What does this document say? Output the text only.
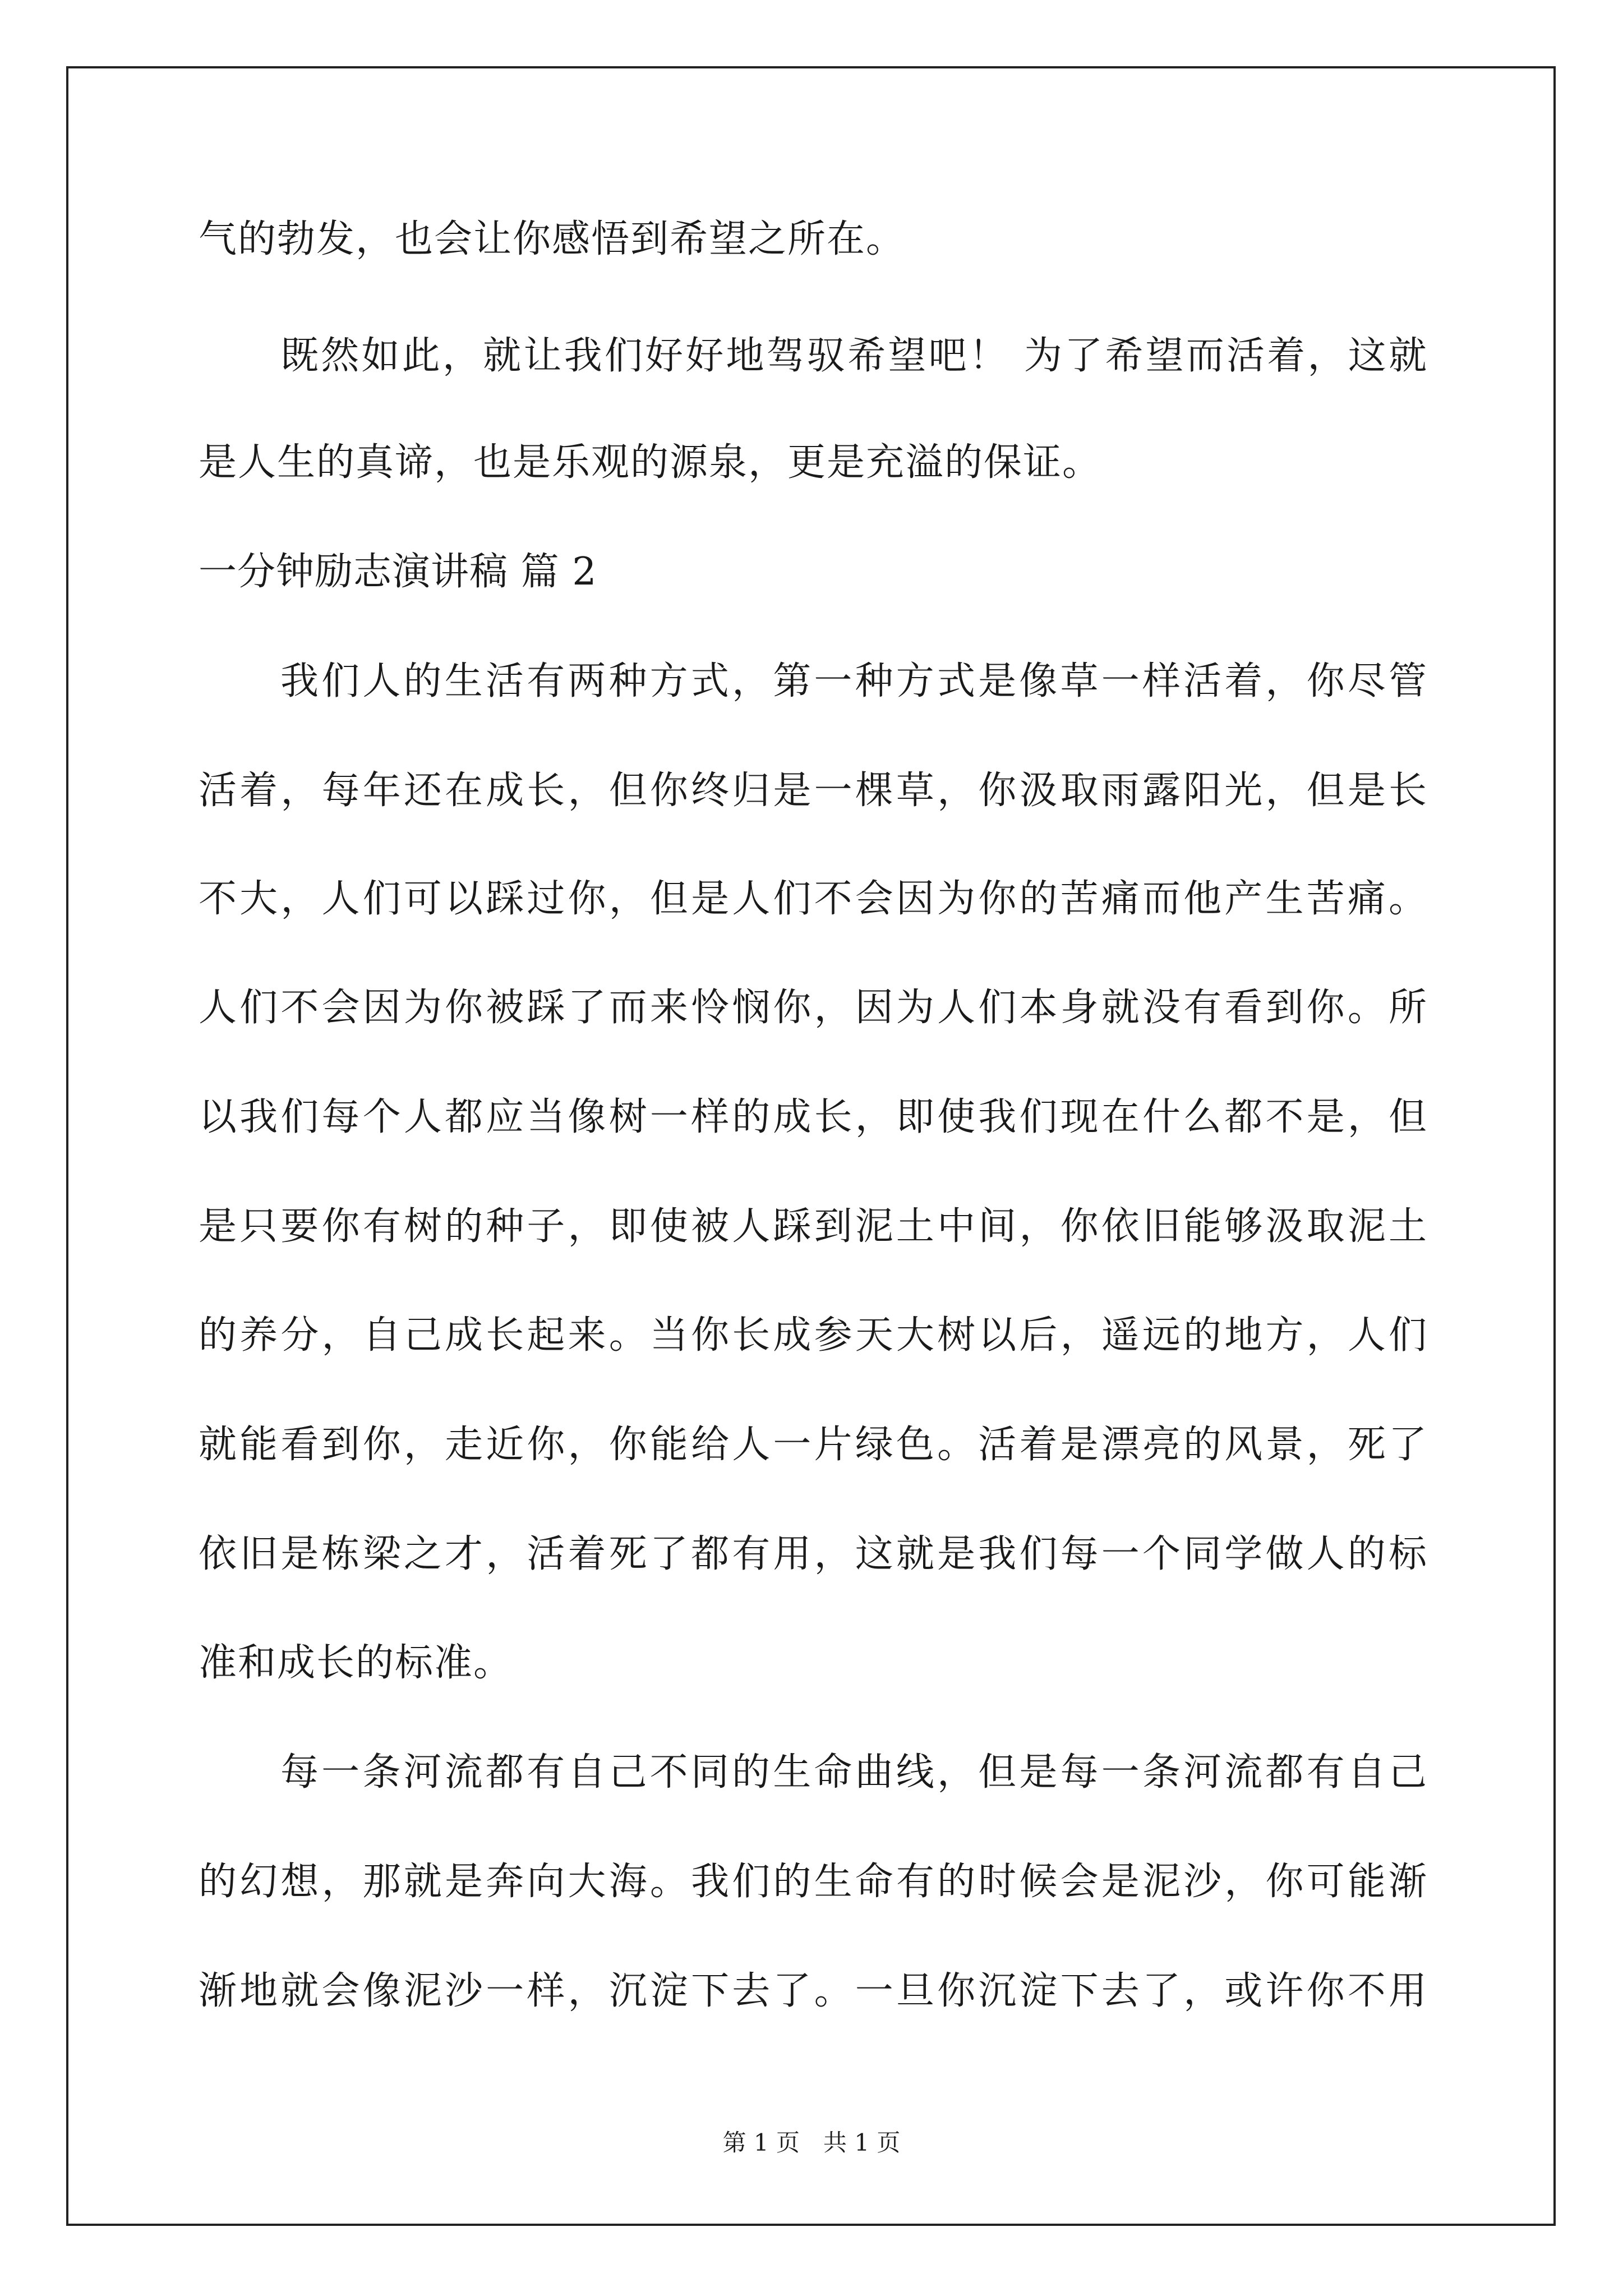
气的勃发，也会让你感悟到希望之所在。
既然如此，就让我们好好地驾驭希望吧！ 为了希望而活着，这就
是人生的真谛，也是乐观的源泉，更是充溢的保证。
一分钟励志演讲稿 篇 2
我们人的生活有两种方式，第一种方式是像草一样活着，你尽管
活着，每年还在成长，但你终归是一棵草，你汲取雨露阳光，但是长
不大，人们可以踩过你，但是人们不会因为你的苦痛而他产生苦痛。
人们不会因为你被踩了而来怜悯你，因为人们本身就没有看到你。所
以我们每个人都应当像树一样的成长，即使我们现在什么都不是，但
是只要你有树的种子，即使被人踩到泥土中间，你依旧能够汲取泥土
的养分，自己成长起来。当你长成参天大树以后，遥远的地方，人们
就能看到你，走近你，你能给人一片绿色。活着是漂亮的风景，死了
依旧是栋梁之才，活着死了都有用，这就是我们每一个同学做人的标
准和成长的标准。
每一条河流都有自己不同的生命曲线，但是每一条河流都有自己
的幻想，那就是奔向大海。我们的生命有的时候会是泥沙，你可能渐
渐地就会像泥沙一样，沉淀下去了。一旦你沉淀下去了，或许你不用
第 1 页　共 1 页
